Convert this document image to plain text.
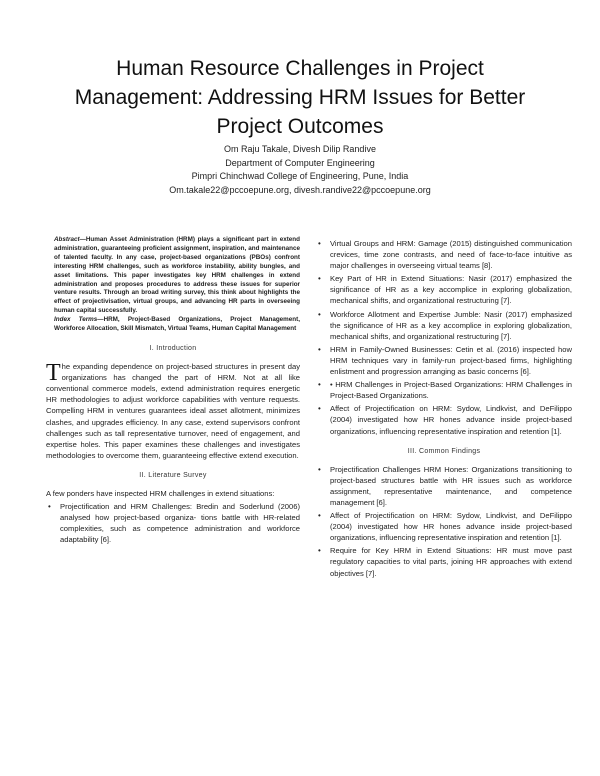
Human Resource Challenges in Project
Management: Addressing HRM Issues for Better
Project Outcomes
Om Raju Takale, Divesh Dilip Randive
Department of Computer Engineering
Pimpri Chinchwad College of Engineering, Pune, India
Om.takale22@pccoepune.org, divesh.randive22@pccoepune.org
Abstract—Human Asset Administration (HRM) plays a significant part in extend administration, guaranteeing proficient assignment, inspiration, and maintenance of talented faculty. In any case, project-based organizations (PBOs) confront interesting HRM challenges, such as workforce instability, ability bungles, and asset limitations. This paper investigates key HRM challenges in extend administration and proposes procedures to address these issues for superior venture results. Through an broad writing survey, this think about highlights the effect of projectivisation, virtual groups, and advancing HR parts in overseeing human capital successfully.
Index Terms—HRM, Project-Based Organizations, Project Management, Workforce Allocation, Skill Mismatch, Virtual Teams, Human Capital Management
I. Introduction
The expanding dependence on project-based structures in present day organizations has changed the part of HRM. Not at all like conventional commerce models, extend administration requires energetic HR methodologies to adjust workforce capabilities with venture requests. Compelling HRM in ventures guarantees ideal asset allotment, minimizes clashes, and upgrades efficiency. In any case, extend supervisors confront challenges such as tall representative turnover, need of engagement, and expertise holes. This paper examines these challenges and investigates methodologies to overcome them, guaranteeing effective extend execution.
II. Literature Survey

A few ponders have inspected HRM challenges in extend situations:

• Projectification and HRM Challenges: Bredin and Soderlund (2006) analysed how project-based organiza- tions battle with HR-related complexities, such as competence administration and workforce adaptability [6].
• Virtual Groups and HRM: Gamage (2015) distinguished communication crevices, time zone contrasts, and need of face-to-face intuitive as major challenges in overseeing virtual teams [8].
• Key Part of HR in Extend Situations: Nasir (2017) emphasized the significance of HR as a key accomplice in exploring globalization, mechanical shifts, and organizational restructuring [7].
• Workforce Allotment and Expertise Jumble: Nasir (2017) emphasized the significance of HR as a key accomplice in exploring globalization, mechanical shifts, and organizational restructuring [7].
• HRM in Family-Owned Businesses: Cetin et al. (2016) inspected how HRM techniques vary in family-run project-based firms, highlighting enlistment and progression arranging as basic concerns [6].
• • HRM Challenges in Project-Based Organizations: HRM Challenges in Project-Based Organizations.
• Affect of Projectification on HRM: Sydow, Lindkvist, and DeFilippo (2004) investigated how HR hones advance inside project-based organizations, influencing representative inspiration and retention [1].
III. Common Findings
• Projectification Challenges HRM Hones: Organizations transitioning to project-based structures battle with HR issues such as workforce assignment, representative maintenance, and competence management [6].
• Affect of Projectification on HRM: Sydow, Lindkvist, and DeFilippo (2004) investigated how HR hones advance inside project-based organizations, influencing representative inspiration and retention [1].
• Require for Key HRM in Extend Situations: HR must move past regulatory capacities to vital parts, joining HR approaches with extend objectives [7].
